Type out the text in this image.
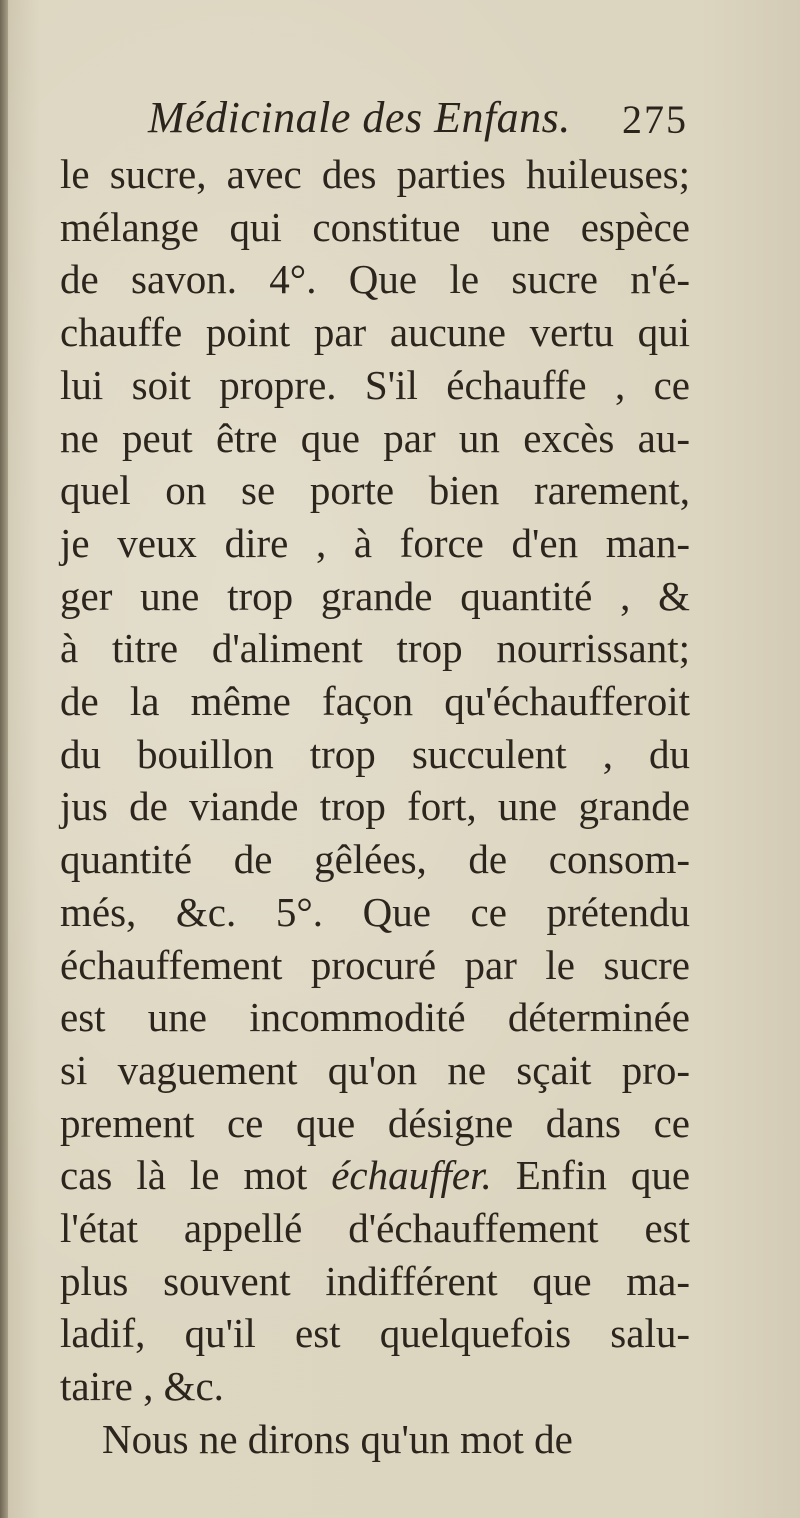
Médicinale des Enfans. 275
le sucre, avec des parties huileuses;
mélange qui constitue une espèce
de savon. 4°. Que le sucre n'é-
chauffe point par aucune vertu qui
lui soit propre. S'il échauffe , ce
ne peut être que par un excès au-
quel on se porte bien rarement,
je veux dire , à force d'en man-
ger une trop grande quantité , &
à titre d'aliment trop nourrissant;
de la même façon qu'échaufferoit
du bouillon trop succulent , du
jus de viande trop fort, une grande
quantité de gêlées, de consom-
més, &c. 5°. Que ce prétendu
échauffement procuré par le sucre
est une incommodité déterminée
si vaguement qu'on ne sçait pro-
prement ce que désigne dans ce
cas là le mot échauffer. Enfin que
l'état appellé d'échauffement est
plus souvent indifférent que ma-
ladif, qu'il est quelquefois salu-
taire , &c.
Nous ne dirons qu'un mot de
